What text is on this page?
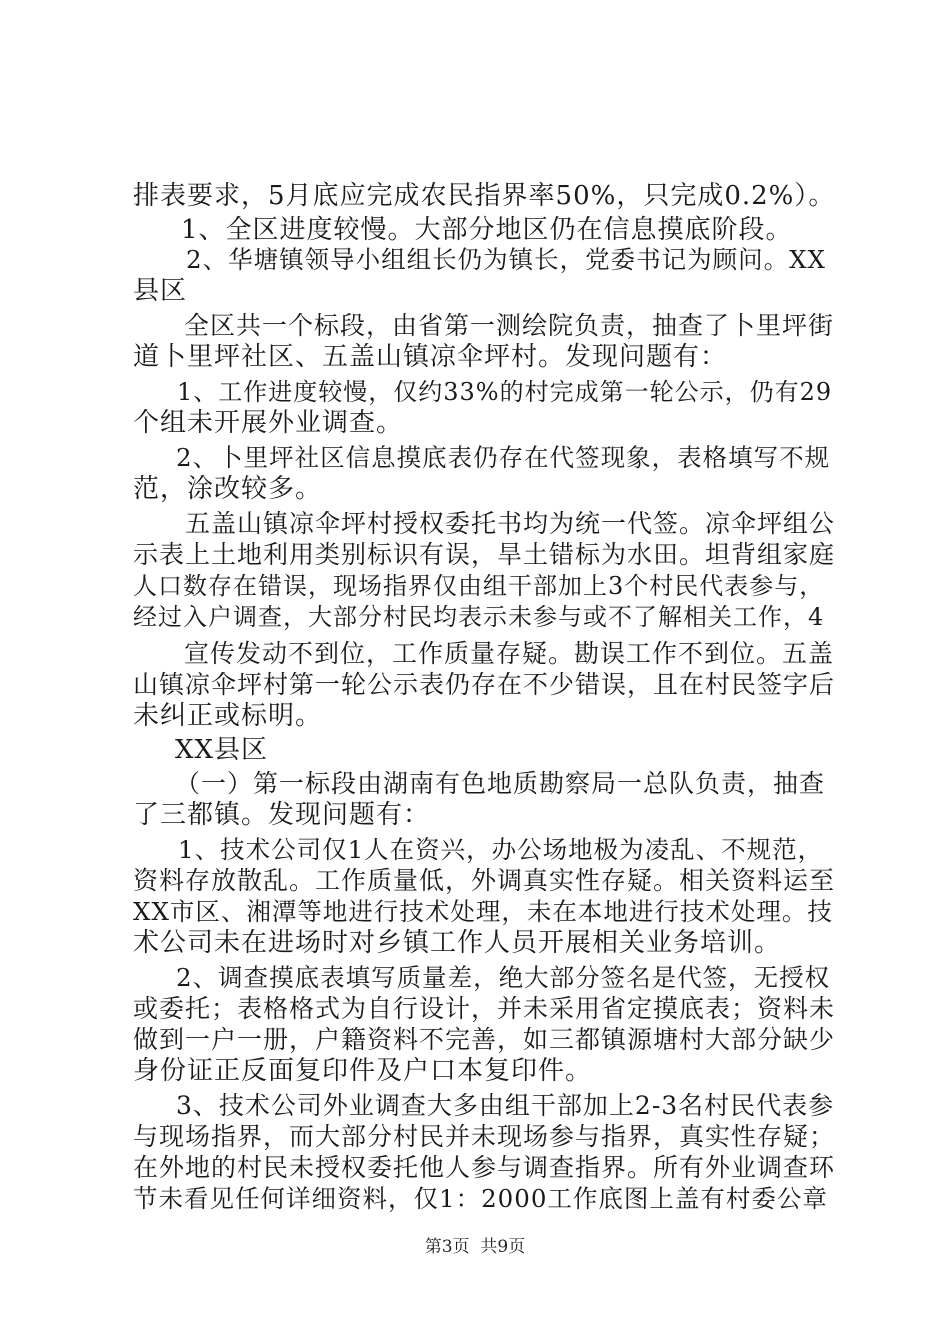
排表要求，5月底应完成农民指界率50%，只完成0.2%）。
1、全区进度较慢。大部分地区仍在信息摸底阶段。
2、华塘镇领导小组组长仍为镇长，党委书记为顾问。XX
县区
全区共一个标段，由省第一测绘院负责，抽查了卜里坪街
道卜里坪社区、五盖山镇凉伞坪村。发现问题有：
1、工作进度较慢，仅约33%的村完成第一轮公示，仍有29
个组未开展外业调查。
2、卜里坪社区信息摸底表仍存在代签现象，表格填写不规
范，涂改较多。
五盖山镇凉伞坪村授权委托书均为统一代签。凉伞坪组公
示表上土地利用类别标识有误，旱土错标为水田。坦背组家庭
人口数存在错误，现场指界仅由组干部加上3个村民代表参与，
经过入户调查，大部分村民均表示未参与或不了解相关工作，4
宣传发动不到位，工作质量存疑。勘误工作不到位。五盖
山镇凉伞坪村第一轮公示表仍存在不少错误，且在村民签字后
未纠正或标明。
XX县区
（一）第一标段由湖南有色地质勘察局一总队负责，抽查
了三都镇。发现问题有：
1、技术公司仅1人在资兴，办公场地极为凌乱、不规范，
资料存放散乱。工作质量低，外调真实性存疑。相关资料运至
XX市区、湘潭等地进行技术处理，未在本地进行技术处理。技
术公司未在进场时对乡镇工作人员开展相关业务培训。
2、调查摸底表填写质量差，绝大部分签名是代签，无授权
或委托；表格格式为自行设计，并未采用省定摸底表；资料未
做到一户一册，户籍资料不完善，如三都镇源塘村大部分缺少
身份证正反面复印件及户口本复印件。
3、技术公司外业调查大多由组干部加上2-3名村民代表参
与现场指界，而大部分村民并未现场参与指界，真实性存疑；
在外地的村民未授权委托他人参与调查指界。所有外业调查环
节未看见任何详细资料，仅1：2000工作底图上盖有村委公章
第3页  共9页
